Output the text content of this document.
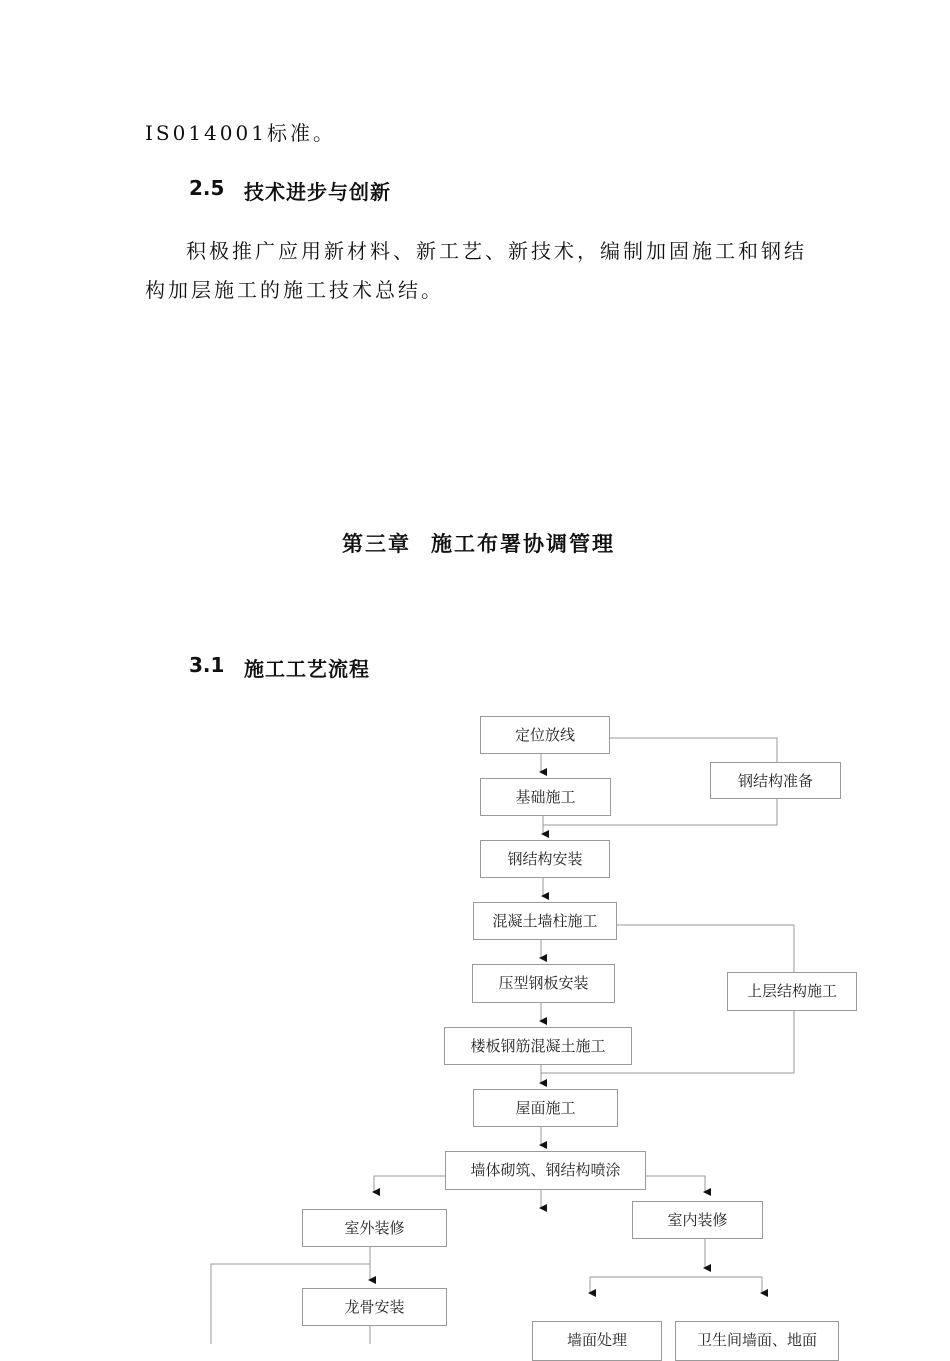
IS014001标准。
2.5 技术进步与创新
积极推广应用新材料、新工艺、新技术，编制加固施工和钢结
构加层施工的施工技术总结。
第三章 施工布署协调管理
3.1 施工工艺流程
定位放线
基础施工
钢结构准备
钢结构安装
混凝土墙柱施工
压型钢板安装	上层结构施工
楼板钢筋混凝土施工
屋面施工
墙体砌筑、钢结构喷涂
室外装修	室内装修
龙骨安装
墙面处理	卫生间墙面、地面
